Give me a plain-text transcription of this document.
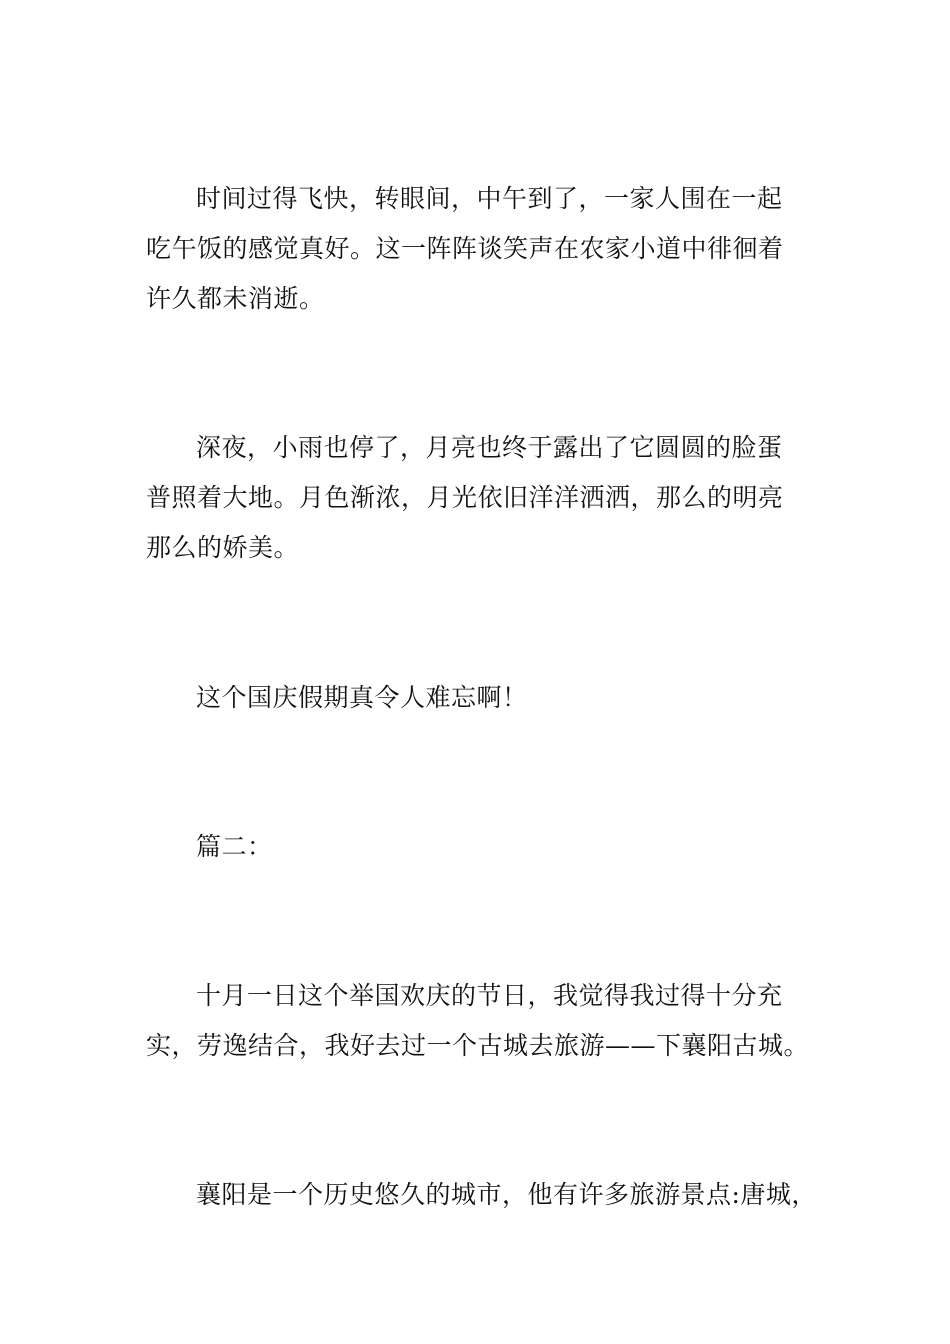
时间过得飞快，转眼间，中午到了，一家人围在一起
吃午饭的感觉真好。这一阵阵谈笑声在农家小道中徘徊着
许久都未消逝。
深夜，小雨也停了，月亮也终于露出了它圆圆的脸蛋
普照着大地。月色渐浓，月光依旧洋洋洒洒，那么的明亮
那么的娇美。
这个国庆假期真令人难忘啊！
篇二：
十月一日这个举国欢庆的节日，我觉得我过得十分充
实，劳逸结合，我好去过一个古城去旅游——下襄阳古城。
襄阳是一个历史悠久的城市，他有许多旅游景点:唐城，
